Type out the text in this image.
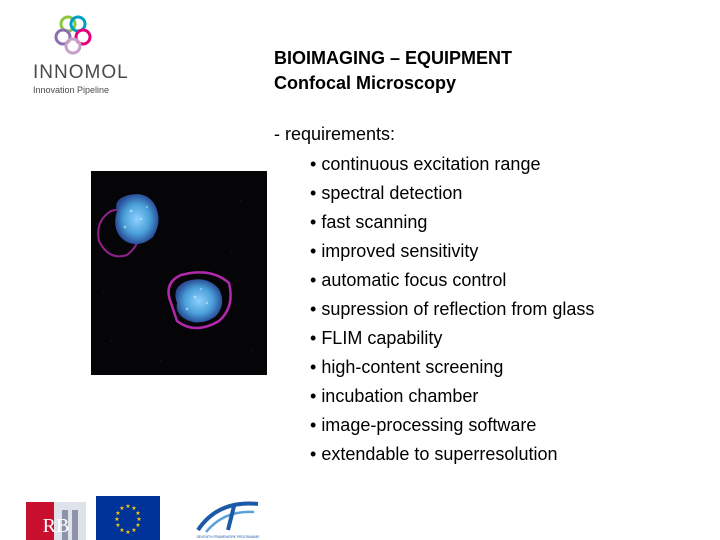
INNOMOL
Innovation Pipeline
BIOIMAGING – EQUIPMENT
Confocal Microscopy
- requirements:
• continuous excitation range
• spectral detection
• fast scanning
• improved sensitivity
• automatic focus control
• supression of reflection from glass
• FLIM capability
• high-content screening
• incubation chamber
• image-processing software
• extendable to superresolution
RB
★ ★
★
★
★
★
★
★
★
★
★
★
SEVENTH FRAMEWORK PROGRAMME
